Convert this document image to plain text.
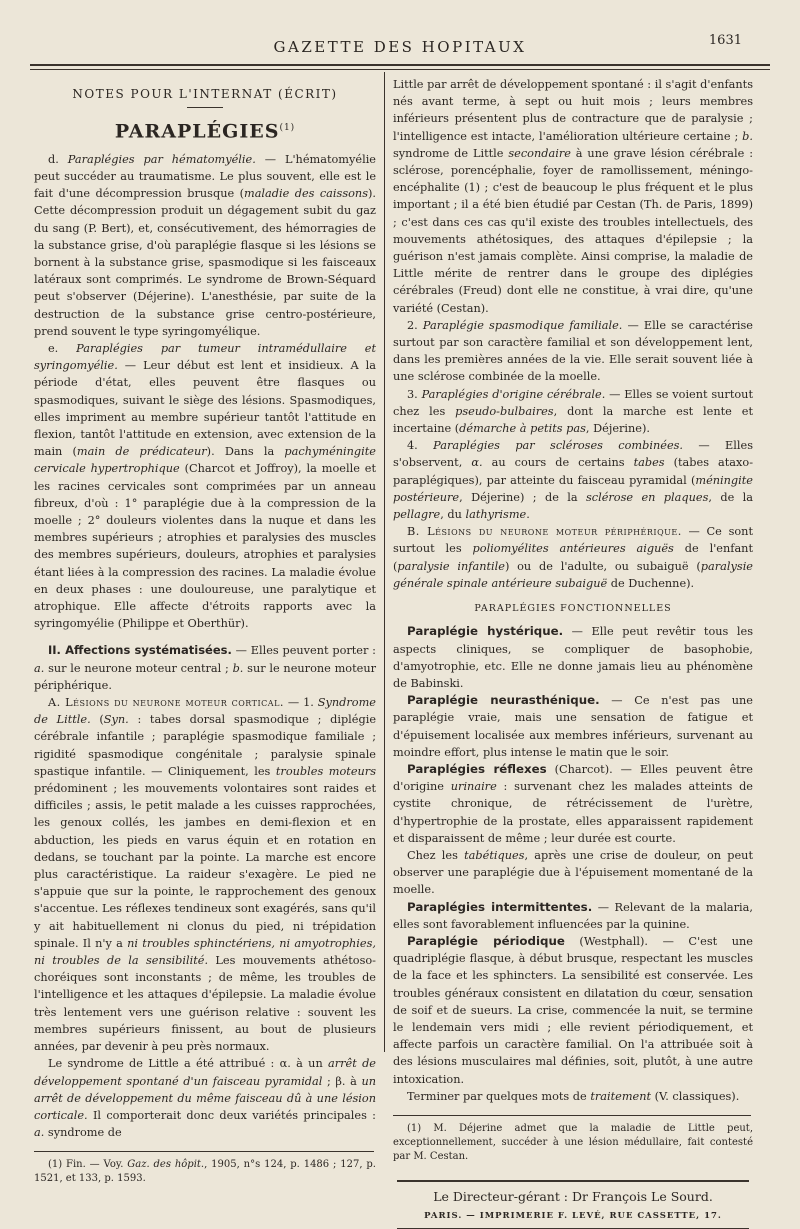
GAZETTE DES HOPITAUX	1631
NOTES POUR L'INTERNAT (ÉCRIT)
PARAPLÉGIES$^{(1)}$

d. Paraplégies par hématomyélie. — L'hématomyélie peut succéder au traumatisme. Le plus souvent, elle est le fait d'une décompression brusque (maladie des caissons). Cette décompression produit un dégagement subit du gaz du sang (P. Bert), et, consécutivement, des hémorragies de la substance grise, d'où paraplégie flasque si les lésions se bornent à la substance grise, spasmodique si les faisceaux latéraux sont comprimés. Le syndrome de Brown-Séquard peut s'observer (Déjerine). L'anesthésie, par suite de la destruction de la substance grise centro-postérieure, prend souvent le type syringomyélique.

e. Paraplégies par tumeur intramédullaire et syringomyélie. — Leur début est lent et insidieux. A la période d'état, elles peuvent être flasques ou spasmodiques, suivant le siège des lésions. Spasmodiques, elles impriment au membre supérieur tantôt l'attitude en flexion, tantôt l'attitude en extension, avec extension de la main (main de prédicateur). Dans la pachyméningite cervicale hypertrophique (Charcot et Joffroy), la moelle et les racines cervicales sont comprimées par un anneau fibreux, d'où : 1° paraplégie due à la compression de la moelle ; 2° douleurs violentes dans la nuque et dans les membres supérieurs ; atrophies et paralysies des muscles des membres supérieurs, douleurs, atrophies et paralysies étant liées à la compression des racines. La maladie évolue en deux phases : une douloureuse, une paralytique et atrophique. Elle affecte d'étroits rapports avec la syringomyélie (Philippe et Oberthür).

II. Affections systématisées. — Elles peuvent porter : a. sur le neurone moteur central ; b. sur le neurone moteur périphérique.

A. Lésions du neurone moteur cortical. — 1. Syndrome de Little. (Syn. : tabes dorsal spasmodique ; diplégie cérébrale infantile ; paraplégie spasmodique familiale ; rigidité spasmodique congénitale ; paralysie spinale spastique infantile. — Cliniquement, les troubles moteurs prédominent ; les mouvements volontaires sont raides et difficiles ; assis, le petit malade a les cuisses rapprochées, les genoux collés, les jambes en demi-flexion et en abduction, les pieds en varus équin et en rotation en dedans, se touchant par la pointe. La marche est encore plus caractéristique. La raideur s'exagère. Le pied ne s'appuie que sur la pointe, le rapprochement des genoux s'accentue. Les réflexes tendineux sont exagérés, sans qu'il y ait habituellement ni clonus du pied, ni trépidation spinale. Il n'y a ni troubles sphinctériens, ni amyotrophies, ni troubles de la sensibilité. Les mouvements athétoso-choréiques sont inconstants ; de même, les troubles de l'intelligence et les attaques d'épilepsie. La maladie évolue très lentement vers une guérison relative : souvent les membres supérieurs finissent, au bout de plusieurs années, par devenir à peu près normaux.

Le syndrome de Little a été attribué : α. à un arrêt de développement spontané d'un faisceau pyramidal ; β. à un arrêt de développement du même faisceau dû à une lésion corticale. Il comporterait donc deux variétés principales : a. syndrome de

(1) Fin. — Voy. Gaz. des hôpit., 1905, n°s 124, p. 1486 ; 127, p. 1521, et 133, p. 1593.

Little par arrêt de développement spontané : il s'agit d'enfants nés avant terme, à sept ou huit mois ; leurs membres inférieurs présentent plus de contracture que de paralysie ; l'intelligence est intacte, l'amélioration ultérieure certaine ; b. syndrome de Little secondaire à une grave lésion cérébrale : sclérose, porencéphalie, foyer de ramollissement, méningo-encéphalite (1) ; c'est de beaucoup le plus fréquent et le plus important ; il a été bien étudié par Cestan (Th. de Paris, 1899) ; c'est dans ces cas qu'il existe des troubles intellectuels, des mouvements athétosiques, des attaques d'épilepsie ; la guérison n'est jamais complète. Ainsi comprise, la maladie de Little mérite de rentrer dans le groupe des diplégies cérébrales (Freud) dont elle ne constitue, à vrai dire, qu'une variété (Cestan).

2. Paraplégie spasmodique familiale. — Elle se caractérise surtout par son caractère familial et son développement lent, dans les premières années de la vie. Elle serait souvent liée à une sclérose combinée de la moelle.

3. Paraplégies d'origine cérébrale. — Elles se voient surtout chez les pseudo-bulbaires, dont la marche est lente et incertaine (démarche à petits pas, Déjerine).

4. Paraplégies par scléroses combinées. — Elles s'observent, α. au cours de certains tabes (tabes ataxo-paraplégiques), par atteinte du faisceau pyramidal (méningite postérieure, Déjerine) ; de la sclérose en plaques, de la pellagre, du lathyrisme.

B. Lésions du neurone moteur périphérique. — Ce sont surtout les poliomyélites antérieures aiguës de l'enfant (paralysie infantile) ou de l'adulte, ou subaiguë (paralysie générale spinale antérieure subaiguë de Duchenne).

PARAPLÉGIES FONCTIONNELLES

Paraplégie hystérique. — Elle peut revêtir tous les aspects cliniques, se compliquer de basophobie, d'amyotrophie, etc. Elle ne donne jamais lieu au phénomène de Babinski.

Paraplégie neurasthénique. — Ce n'est pas une paraplégie vraie, mais une sensation de fatigue et d'épuisement localisée aux membres inférieurs, survenant au moindre effort, plus intense le matin que le soir.

Paraplégies réflexes (Charcot). — Elles peuvent être d'origine urinaire : survenant chez les malades atteints de cystite chronique, de rétrécissement de l'urètre, d'hypertrophie de la prostate, elles apparaissent rapidement et disparaissent de même ; leur durée est courte.

Chez les tabétiques, après une crise de douleur, on peut observer une paraplégie due à l'épuisement momentané de la moelle.

Paraplégies intermittentes. — Relevant de la malaria, elles sont favorablement influencées par la quinine.

Paraplégie périodique (Westphall). — C'est une quadriplégie flasque, à début brusque, respectant les muscles de la face et les sphincters. La sensibilité est conservée. Les troubles généraux consistent en dilatation du cœur, sensation de soif et de sueurs. La crise, commencée la nuit, se termine le lendemain vers midi ; elle revient périodiquement, et affecte parfois un caractère familial. On l'a attribuée soit à des lésions musculaires mal définies, soit, plutôt, à une autre intoxication.

Terminer par quelques mots de traitement (V. classiques).

(1) M. Déjerine admet que la maladie de Little peut, exceptionnellement, succéder à une lésion médullaire, fait contesté par M. Cestan.

Le Directeur-gérant : Dr François Le Sourd.
PARIS. — IMPRIMERIE F. LEVÉ, RUE CASSETTE, 17.
